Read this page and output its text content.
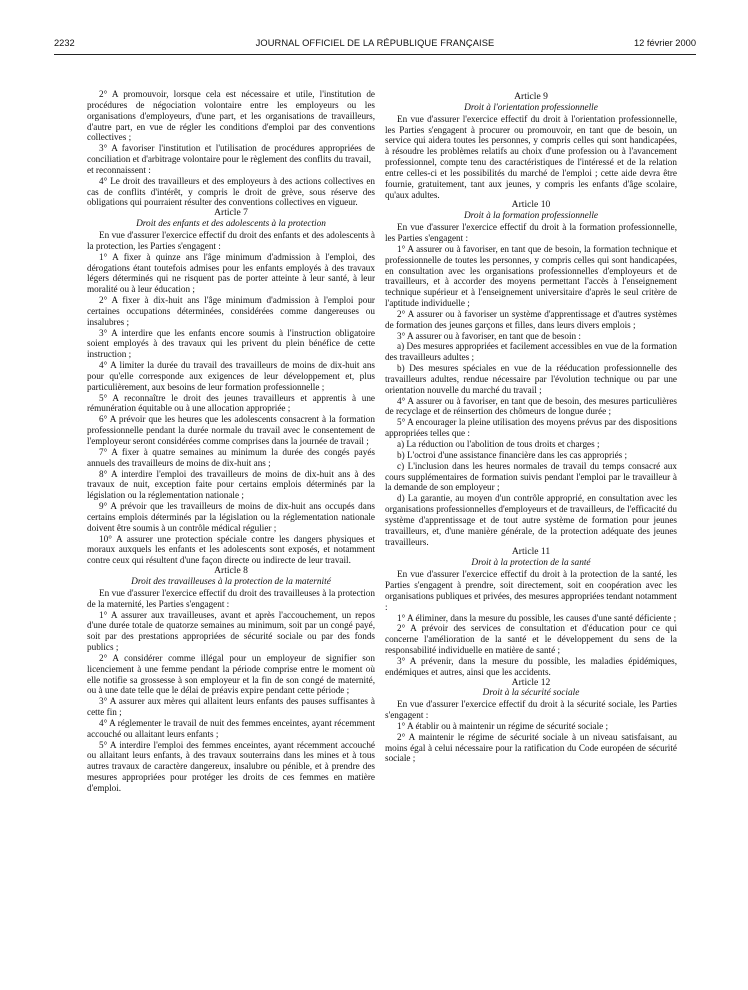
2232	JOURNAL OFFICIEL DE LA RÉPUBLIQUE FRANÇAISE	12 février 2000

2° A promouvoir, lorsque cela est nécessaire et utile, l'institution de procédures de négociation volontaire entre les employeurs ou les organisations d'employeurs, d'une part, et les organisations de travailleurs, d'autre part, en vue de régler les conditions d'emploi par des conventions collectives ;

3° A favoriser l'institution et l'utilisation de procédures appropriées de conciliation et d'arbitrage volontaire pour le règlement des conflits du travail,

et reconnaissent :

4° Le droit des travailleurs et des employeurs à des actions collectives en cas de conflits d'intérêt, y compris le droit de grève, sous réserve des obligations qui pourraient résulter des conventions collectives en vigueur.

Article 7

Droit des enfants et des adolescents à la protection

En vue d'assurer l'exercice effectif du droit des enfants et des adolescents à la protection, les Parties s'engagent :

1° A fixer à quinze ans l'âge minimum d'admission à l'emploi, des dérogations étant toutefois admises pour les enfants employés à des travaux légers déterminés qui ne risquent pas de porter atteinte à leur santé, à leur moralité ou à leur éducation ;

2° A fixer à dix-huit ans l'âge minimum d'admission à l'emploi pour certaines occupations déterminées, considérées comme dangereuses ou insalubres ;

3° A interdire que les enfants encore soumis à l'instruction obligatoire soient employés à des travaux qui les privent du plein bénéfice de cette instruction ;

4° A limiter la durée du travail des travailleurs de moins de dix-huit ans pour qu'elle corresponde aux exigences de leur développement et, plus particulièrement, aux besoins de leur formation professionnelle ;

5° A reconnaître le droit des jeunes travailleurs et apprentis à une rémunération équitable ou à une allocation appropriée ;

6° A prévoir que les heures que les adolescents consacrent à la formation professionnelle pendant la durée normale du travail avec le consentement de l'employeur seront considérées comme comprises dans la journée de travail ;

7° A fixer à quatre semaines au minimum la durée des congés payés annuels des travailleurs de moins de dix-huit ans ;

8° A interdire l'emploi des travailleurs de moins de dix-huit ans à des travaux de nuit, exception faite pour certains emplois déterminés par la législation ou la réglementation nationale ;

9° A prévoir que les travailleurs de moins de dix-huit ans occupés dans certains emplois déterminés par la législation ou la réglementation nationale doivent être soumis à un contrôle médical régulier ;

10° A assurer une protection spéciale contre les dangers physiques et moraux auxquels les enfants et les adolescents sont exposés, et notamment contre ceux qui résultent d'une façon directe ou indirecte de leur travail.

Article 8

Droit des travailleuses à la protection de la maternité

En vue d'assurer l'exercice effectif du droit des travailleuses à la protection de la maternité, les Parties s'engagent :

1° A assurer aux travailleuses, avant et après l'accouchement, un repos d'une durée totale de quatorze semaines au minimum, soit par un congé payé, soit par des prestations appropriées de sécurité sociale ou par des fonds publics ;

2° A considérer comme illégal pour un employeur de signifier son licenciement à une femme pendant la période comprise entre le moment où elle notifie sa grossesse à son employeur et la fin de son congé de maternité, ou à une date telle que le délai de préavis expire pendant cette période ;

3° A assurer aux mères qui allaitent leurs enfants des pauses suffisantes à cette fin ;

4° A réglementer le travail de nuit des femmes enceintes, ayant récemment accouché ou allaitant leurs enfants ;

5° A interdire l'emploi des femmes enceintes, ayant récemment accouché ou allaitant leurs enfants, à des travaux souterrains dans les mines et à tous autres travaux de caractère dangereux, insalubre ou pénible, et à prendre des mesures appropriées pour protéger les droits de ces femmes en matière d'emploi.

Article 9

Droit à l'orientation professionnelle

En vue d'assurer l'exercice effectif du droit à l'orientation professionnelle, les Parties s'engagent à procurer ou promouvoir, en tant que de besoin, un service qui aidera toutes les personnes, y compris celles qui sont handicapées, à résoudre les problèmes relatifs au choix d'une profession ou à l'avancement professionnel, compte tenu des caractéristiques de l'intéressé et de la relation entre celles-ci et les possibilités du marché de l'emploi ; cette aide devra être fournie, gratuitement, tant aux jeunes, y compris les enfants d'âge scolaire, qu'aux adultes.

Article 10

Droit à la formation professionnelle

En vue d'assurer l'exercice effectif du droit à la formation professionnelle, les Parties s'engagent :

1° A assurer ou à favoriser, en tant que de besoin, la formation technique et professionnelle de toutes les personnes, y compris celles qui sont handicapées, en consultation avec les organisations professionnelles d'employeurs et de travailleurs, et à accorder des moyens permettant l'accès à l'enseignement technique supérieur et à l'enseignement universitaire d'après le seul critère de l'aptitude individuelle ;

2° A assurer ou à favoriser un système d'apprentissage et d'autres systèmes de formation des jeunes garçons et filles, dans leurs divers emplois ;

3° A assurer ou à favoriser, en tant que de besoin :

a) Des mesures appropriées et facilement accessibles en vue de la formation des travailleurs adultes ;

b) Des mesures spéciales en vue de la rééducation professionnelle des travailleurs adultes, rendue nécessaire par l'évolution technique ou par une orientation nouvelle du marché du travail ;

4° A assurer ou à favoriser, en tant que de besoin, des mesures particulières de recyclage et de réinsertion des chômeurs de longue durée ;

5° A encourager la pleine utilisation des moyens prévus par des dispositions appropriées telles que :

a) La réduction ou l'abolition de tous droits et charges ;

b) L'octroi d'une assistance financière dans les cas appropriés ;

c) L'inclusion dans les heures normales de travail du temps consacré aux cours supplémentaires de formation suivis pendant l'emploi par le travailleur à la demande de son employeur ;

d) La garantie, au moyen d'un contrôle approprié, en consultation avec les organisations professionnelles d'employeurs et de travailleurs, de l'efficacité du système d'apprentissage et de tout autre système de formation pour jeunes travailleurs, et, d'une manière générale, de la protection adéquate des jeunes travailleurs.

Article 11

Droit à la protection de la santé

En vue d'assurer l'exercice effectif du droit à la protection de la santé, les Parties s'engagent à prendre, soit directement, soit en coopération avec les organisations publiques et privées, des mesures appropriées tendant notamment :

1° A éliminer, dans la mesure du possible, les causes d'une santé déficiente ;

2° A prévoir des services de consultation et d'éducation pour ce qui concerne l'amélioration de la santé et le développement du sens de la responsabilité individuelle en matière de santé ;

3° A prévenir, dans la mesure du possible, les maladies épidémiques, endémiques et autres, ainsi que les accidents.

Article 12

Droit à la sécurité sociale

En vue d'assurer l'exercice effectif du droit à la sécurité sociale, les Parties s'engagent :

1° A établir ou à maintenir un régime de sécurité sociale ;

2° A maintenir le régime de sécurité sociale à un niveau satisfaisant, au moins égal à celui nécessaire pour la ratification du Code européen de sécurité sociale ;
